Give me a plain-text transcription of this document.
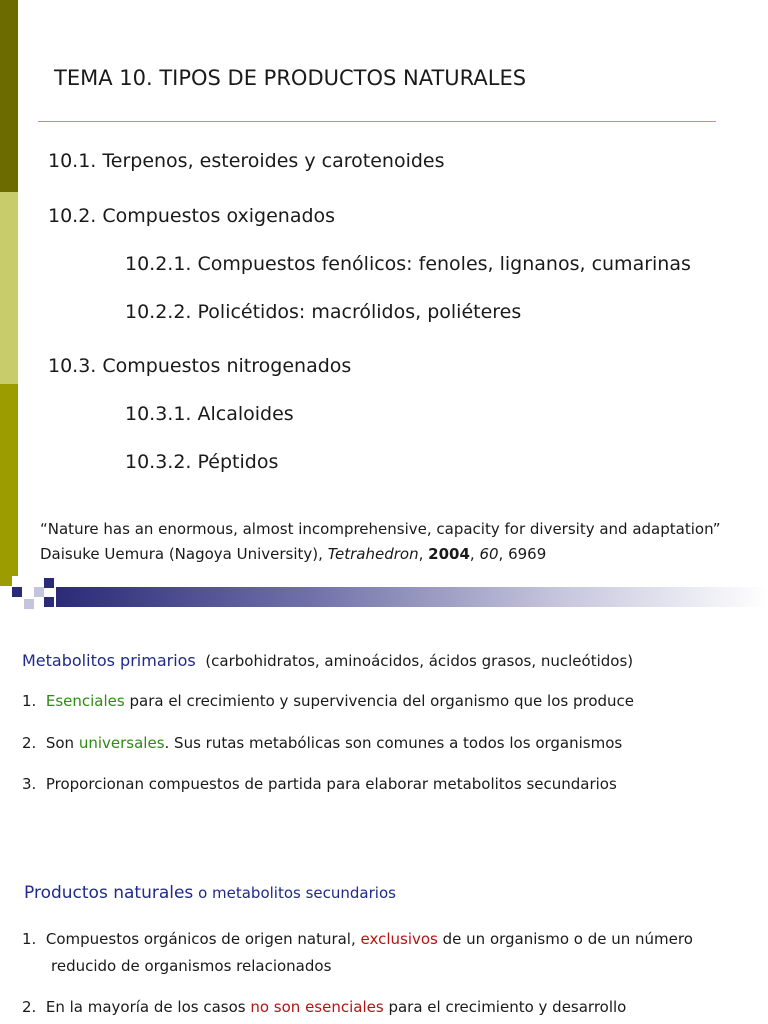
TEMA 10. TIPOS DE PRODUCTOS NATURALES
10.1. Terpenos, esteroides y carotenoides
10.2. Compuestos oxigenados
10.2.1. Compuestos fenólicos: fenoles, lignanos, cumarinas
10.2.2. Policétidos: macrólidos, poliéteres
10.3. Compuestos nitrogenados
10.3.1. Alcaloides
10.3.2. Péptidos
“Nature has an enormous, almost incomprehensive, capacity for diversity and adaptation”
Daisuke Uemura (Nagoya University), Tetrahedron, 2004, 60, 6969
Metabolitos primarios (carbohidratos, aminoácidos, ácidos grasos, nucleótidos)
1. Esenciales para el crecimiento y supervivencia del organismo que los produce
2. Son universales. Sus rutas metabólicas son comunes a todos los organismos
3. Proporcionan compuestos de partida para elaborar metabolitos secundarios
Productos naturales o metabolitos secundarios
1. Compuestos orgánicos de origen natural, exclusivos de un organismo o de un número
reducido de organismos relacionados
2. En la mayoría de los casos no son esenciales para el crecimiento y desarrollo
